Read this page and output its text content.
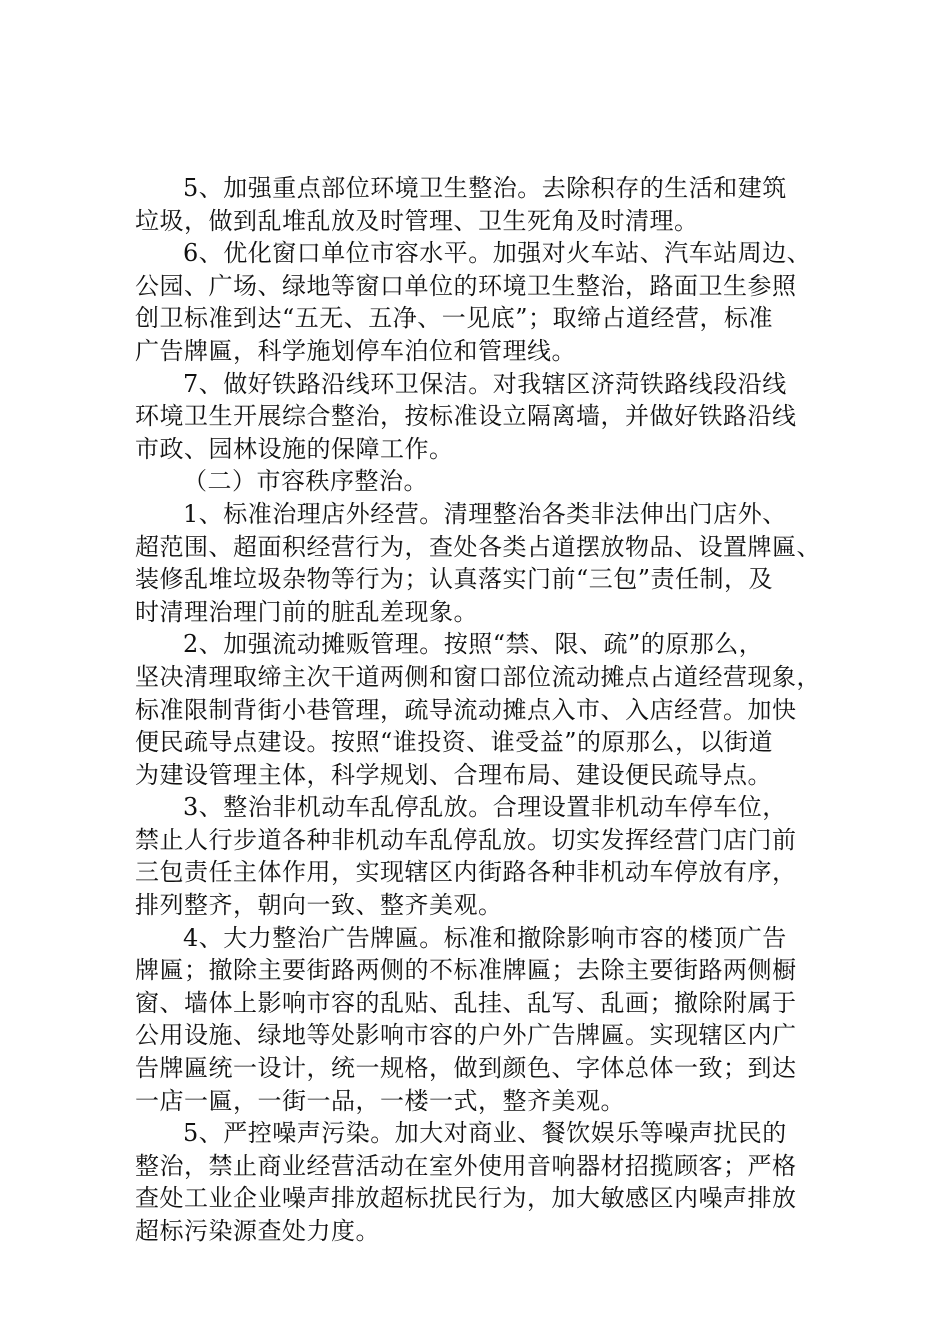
5、加强重点部位环境卫生整治。去除积存的生活和建筑
垃圾，做到乱堆乱放及时管理、卫生死角及时清理。
6、优化窗口单位市容水平。加强对火车站、汽车站周边、
公园、广场、绿地等窗口单位的环境卫生整治，路面卫生参照
创卫标准到达“五无、五净、一见底”；取缔占道经营，标准
广告牌匾，科学施划停车泊位和管理线。
7、做好铁路沿线环卫保洁。对我辖区济菏铁路线段沿线
环境卫生开展综合整治，按标准设立隔离墙，并做好铁路沿线
市政、园林设施的保障工作。
（二）市容秩序整治。
1、标准治理店外经营。清理整治各类非法伸出门店外、
超范围、超面积经营行为，查处各类占道摆放物品、设置牌匾、
装修乱堆垃圾杂物等行为；认真落实门前“三包”责任制，及
时清理治理门前的脏乱差现象。
2、加强流动摊贩管理。按照“禁、限、疏”的原那么，
坚决清理取缔主次干道两侧和窗口部位流动摊点占道经营现象，
标准限制背街小巷管理，疏导流动摊点入市、入店经营。加快
便民疏导点建设。按照“谁投资、谁受益”的原那么，以街道
为建设管理主体，科学规划、合理布局、建设便民疏导点。
3、整治非机动车乱停乱放。合理设置非机动车停车位，
禁止人行步道各种非机动车乱停乱放。切实发挥经营门店门前
三包责任主体作用，实现辖区内街路各种非机动车停放有序，
排列整齐，朝向一致、整齐美观。
4、大力整治广告牌匾。标准和撤除影响市容的楼顶广告
牌匾；撤除主要街路两侧的不标准牌匾；去除主要街路两侧橱
窗、墙体上影响市容的乱贴、乱挂、乱写、乱画；撤除附属于
公用设施、绿地等处影响市容的户外广告牌匾。实现辖区内广
告牌匾统一设计，统一规格，做到颜色、字体总体一致；到达
一店一匾，一街一品，一楼一式，整齐美观。
5、严控噪声污染。加大对商业、餐饮娱乐等噪声扰民的
整治，禁止商业经营活动在室外使用音响器材招揽顾客；严格
查处工业企业噪声排放超标扰民行为，加大敏感区内噪声排放
超标污染源查处力度。
